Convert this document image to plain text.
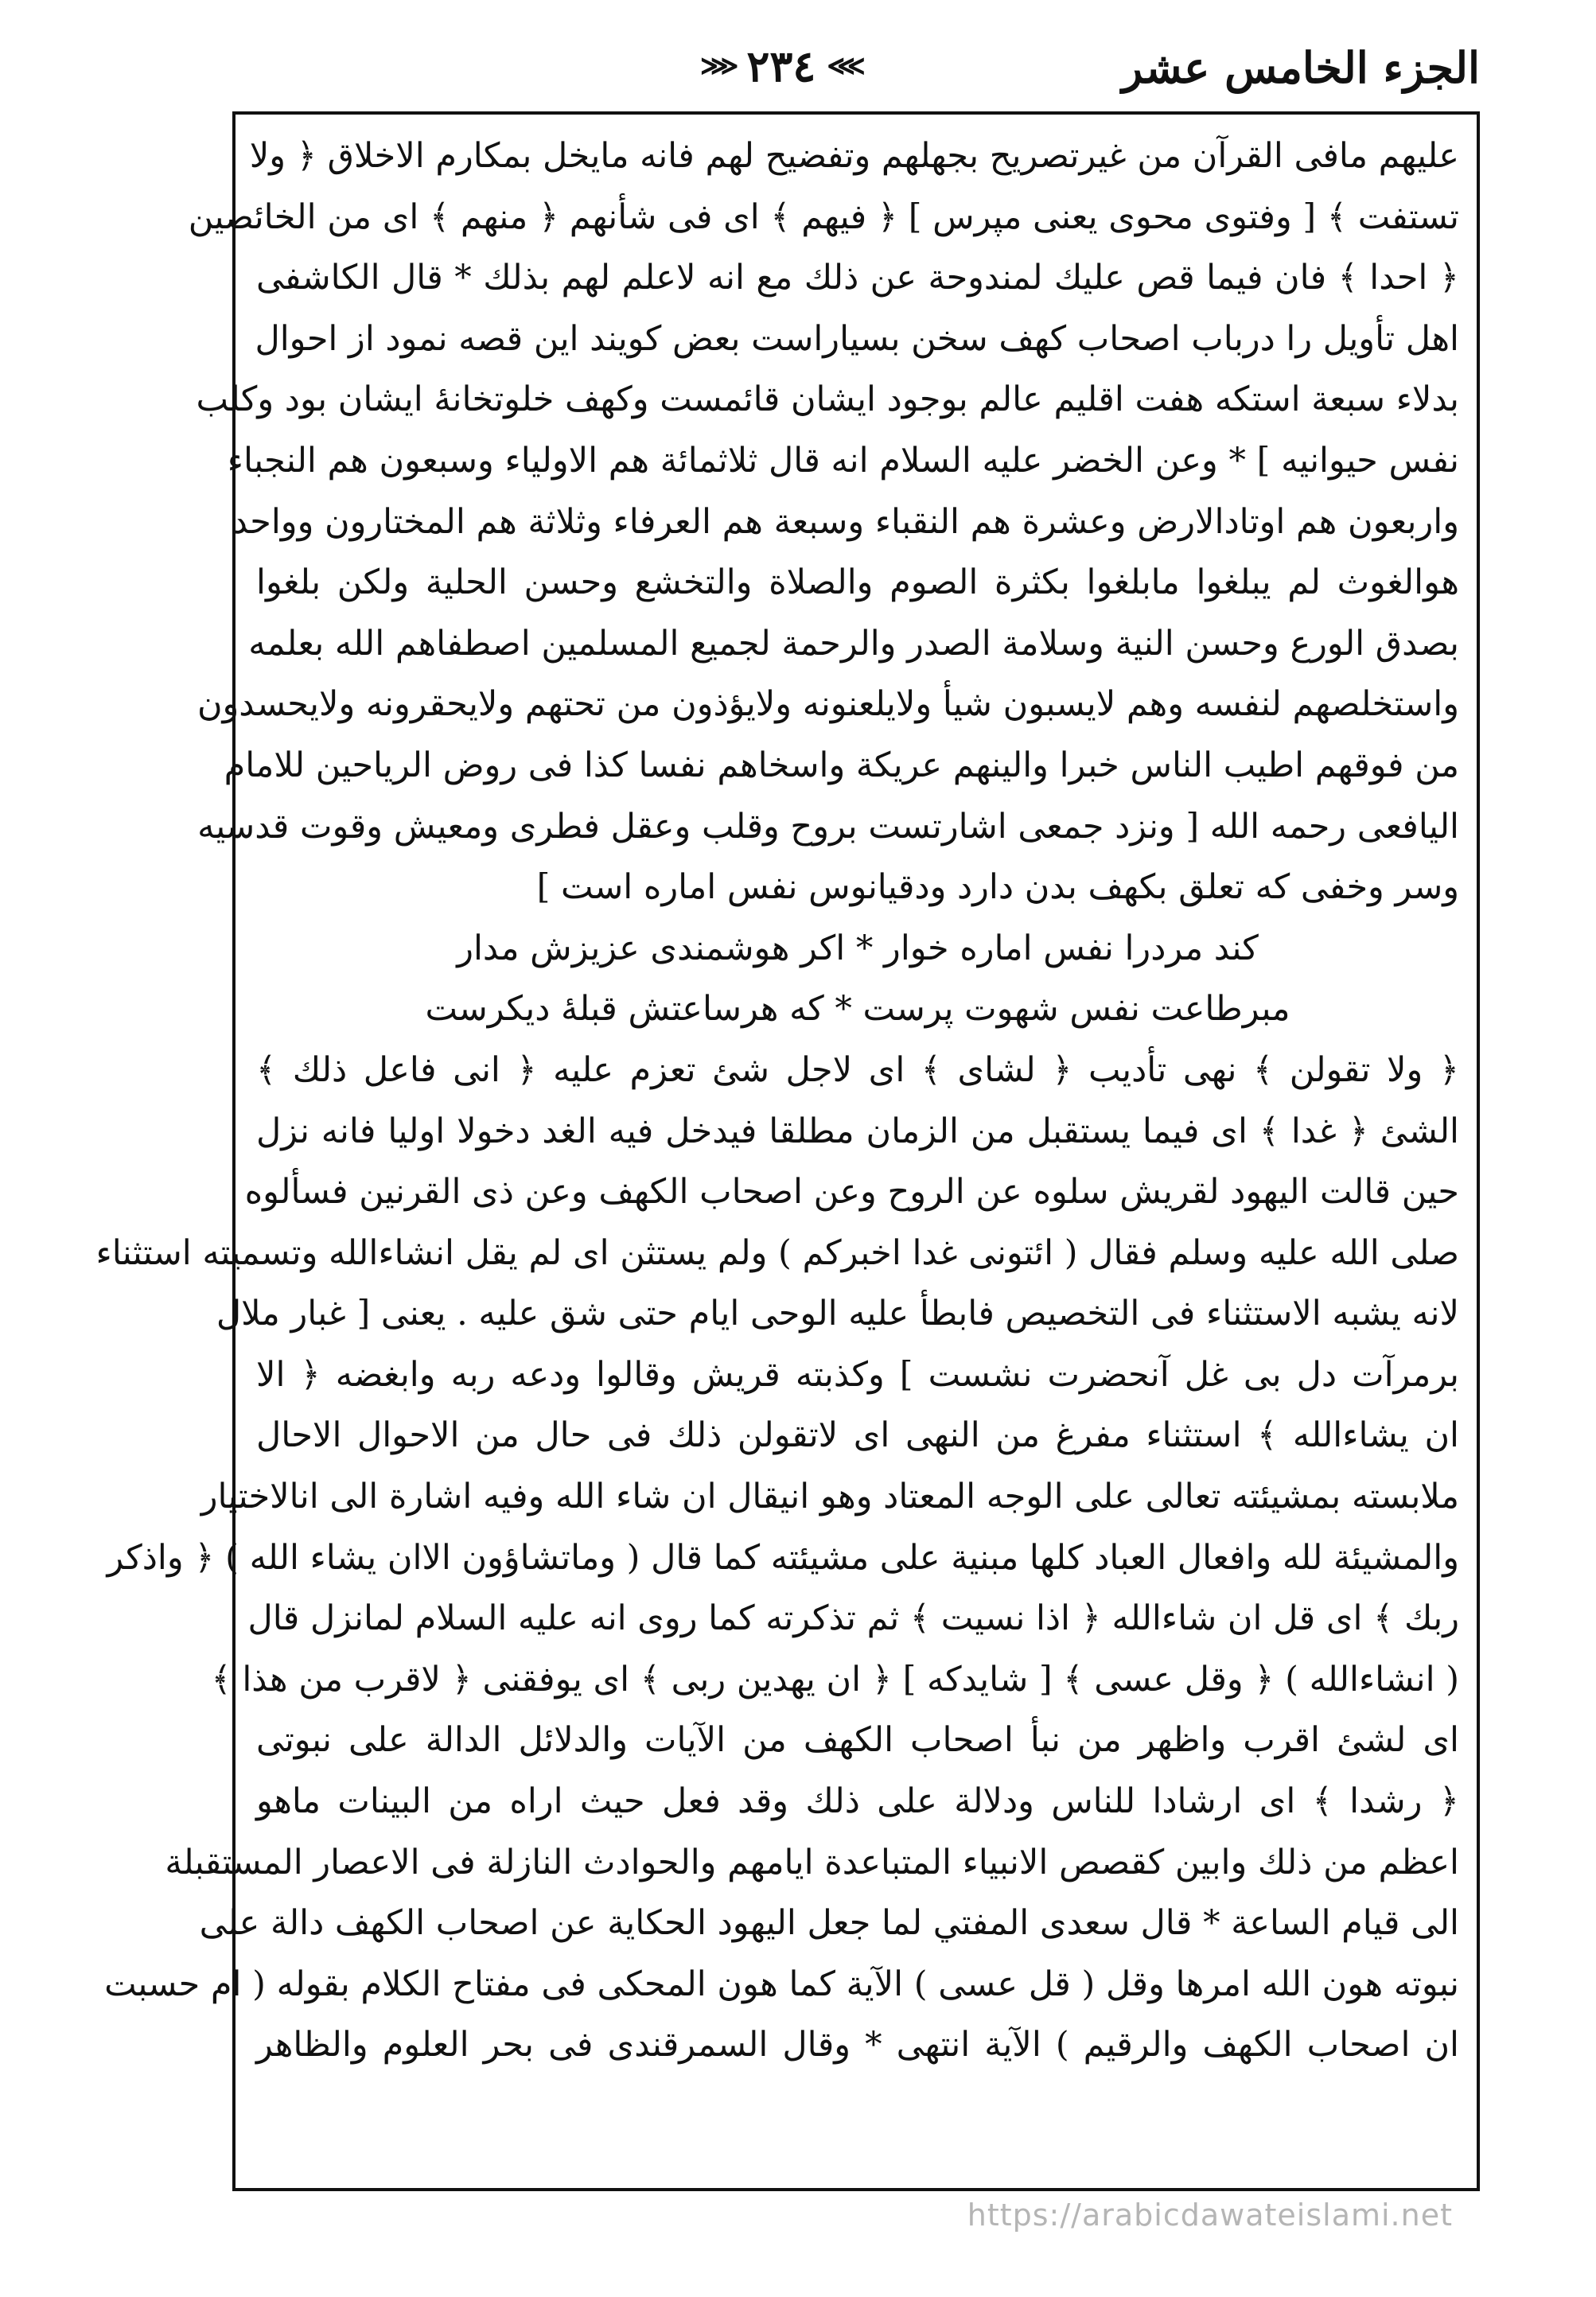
الجزء الخامس عشر
⋙ ٢٣٤ ⋘
عليهم مافى القرآن من غيرتصريح بجهلهم وتفضيح لهم فانه مايخل بمكارم الاخلاق ﴿ ولا
تستفت ﴾ [ وفتوى محوى يعنى مپرس ] ﴿ فيهم ﴾ اى فى شأنهم ﴿ منهم ﴾ اى من الخائضين
﴿ احدا ﴾ فان فيما قص عليك لمندوحة عن ذلك مع انه لاعلم لهم بذلك * قال الكاشفى
اهل تأويل را درباب اصحاب كهف سخن بسياراست بعض كويند اين قصه نمود از احوال
بدلاء سبعة استكه هفت اقليم عالم بوجود ايشان قائمست وكهف خلوتخانۀ ايشان بود وكلب
نفس حيوانيه ] * وعن الخضر عليه السلام انه قال ثلاثمائة هم الاولياء وسبعون هم النجباء
واربعون هم اوتادالارض وعشرة هم النقباء وسبعة هم العرفاء وثلاثة هم المختارون وواحد
هوالغوث لم يبلغوا مابلغوا بكثرة الصوم والصلاة والتخشع وحسن الحلية ولكن بلغوا
بصدق الورع وحسن النية وسلامة الصدر والرحمة لجميع المسلمين اصطفاهم الله بعلمه
واستخلصهم لنفسه وهم لايسبون شيأ ولايلعنونه ولايؤذون من تحتهم ولايحقرونه ولايحسدون
من فوقهم اطيب الناس خبرا والينهم عريكة واسخاهم نفسا كذا فى روض الرياحين للامام
اليافعى رحمه الله [ ونزد جمعى اشارتست بروح وقلب وعقل فطرى ومعيش وقوت قدسيه
وسر وخفى كه تعلق بكهف بدن دارد ودقيانوس نفس اماره است ]
كند مردرا نفس اماره خوار * اكر هوشمندى عزيزش مدار
مبرطاعت نفس شهوت پرست * كه هرساعتش قبلۀ ديكرست
﴿ ولا تقولن ﴾ نهى تأديب ﴿ لشاى ﴾ اى لاجل شئ تعزم عليه ﴿ انى فاعل ذلك ﴾
الشئ ﴿ غدا ﴾ اى فيما يستقبل من الزمان مطلقا فيدخل فيه الغد دخولا اوليا فانه نزل
حين قالت اليهود لقريش سلوه عن الروح وعن اصحاب الكهف وعن ذى القرنين فسألوه
صلى الله عليه وسلم فقال ( ائتونى غدا اخبركم ) ولم يستثن اى لم يقل انشاءالله وتسميته استثناء
لانه يشبه الاستثناء فى التخصيص فابطأ عليه الوحى ايام حتى شق عليه . يعنى [ غبار ملال
برمرآت دل بى غل آنحضرت نشست ] وكذبته قريش وقالوا ودعه ربه وابغضه ﴿ الا
ان يشاءالله ﴾ استثناء مفرغ من النهى اى لاتقولن ذلك فى حال من الاحوال الاحال
ملابسته بمشيئته تعالى على الوجه المعتاد وهو انيقال ان شاء الله وفيه اشارة الى انالاختيار
والمشيئة لله وافعال العباد كلها مبنية على مشيئته كما قال ( وماتشاؤون الاان يشاء الله ) ﴿ واذكر
ربك ﴾ اى قل ان شاءالله ﴿ اذا نسيت ﴾ ثم تذكرته كما روى انه عليه السلام لمانزل قال
( انشاءالله ) ﴿ وقل عسى ﴾ [ شايدكه ] ﴿ ان يهدين ربى ﴾ اى يوفقنى ﴿ لاقرب من هذا ﴾
اى لشئ اقرب واظهر من نبأ اصحاب الكهف من الآيات والدلائل الدالة على نبوتى
﴿ رشدا ﴾ اى ارشادا للناس ودلالة على ذلك وقد فعل حيث اراه من البينات ماهو
اعظم من ذلك وابين كقصص الانبياء المتباعدة ايامهم والحوادث النازلة فى الاعصار المستقبلة
الى قيام الساعة * قال سعدى المفتي لما جعل اليهود الحكاية عن اصحاب الكهف دالة على
نبوته هون الله امرها وقل ( قل عسى ) الآية كما هون المحكى فى مفتاح الكلام بقوله ( ام حسبت
ان اصحاب الكهف والرقيم ) الآية انتهى * وقال السمرقندى فى بحر العلوم والظاهر
https://arabicdawateislami.net
